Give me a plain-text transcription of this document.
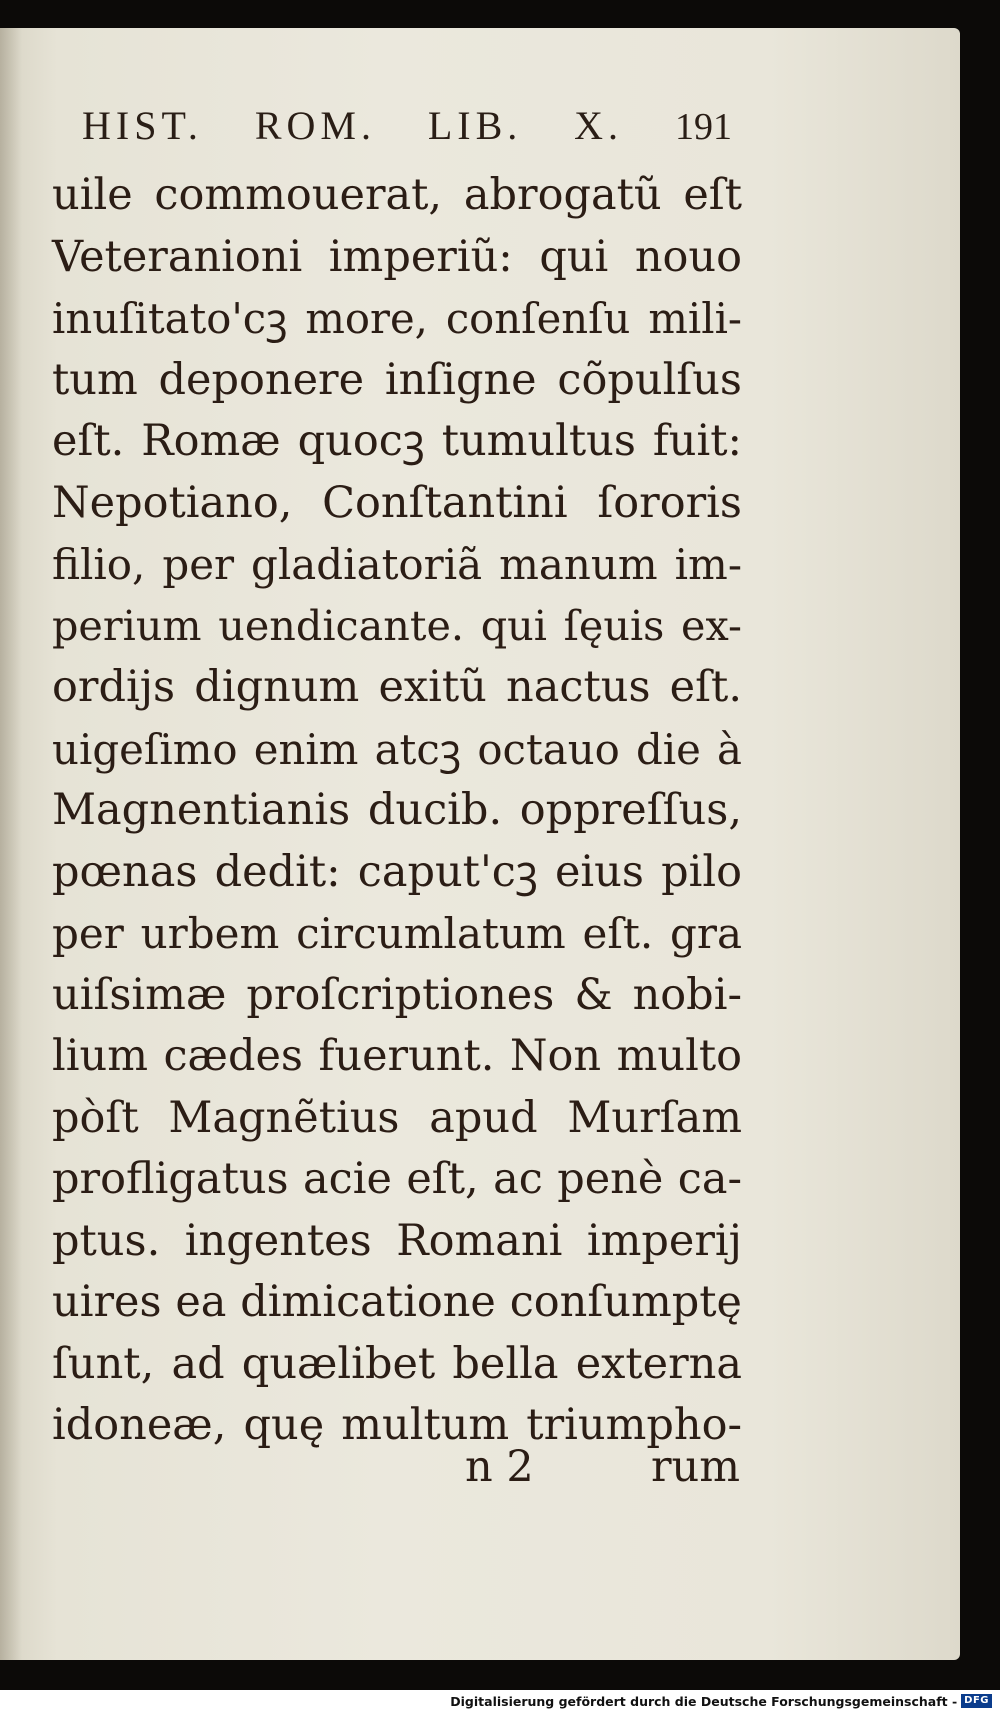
HIST. ROM. LIB. X. 191
uile commouerat, abrogatũ eſt
Veteranioni imperiũ: qui nouo
inuſitato'cꝫ more, conſenſu mili-
tum deponere inſigne cõpulſus
eſt. Romæ quocꝫ tumultus fuit:
Nepotiano, Conſtantini ſororis
filio, per gladiatoriã manum im-
perium uendicante. qui ſęuis ex-
ordijs dignum exitũ nactus eſt.
uigeſimo enim atcꝫ octauo die à
Magnentianis ducib. oppreſſus,
pœnas dedit: caput'cꝫ eius pilo
per urbem circumlatum eſt. gra
uiſsimæ proſcriptiones & nobi-
lium cædes fuerunt. Non multo
pòſt Magnẽtius apud Murſam
profligatus acie eſt, ac penè ca-
ptus. ingentes Romani imperij
uires ea dimicatione conſumptę
ſunt, ad quælibet bella externa
idoneæ, quę multum triumpho-
n 2	rum
Digitalisierung gefördert durch die Deutsche Forschungsgemeinschaft - DFG
